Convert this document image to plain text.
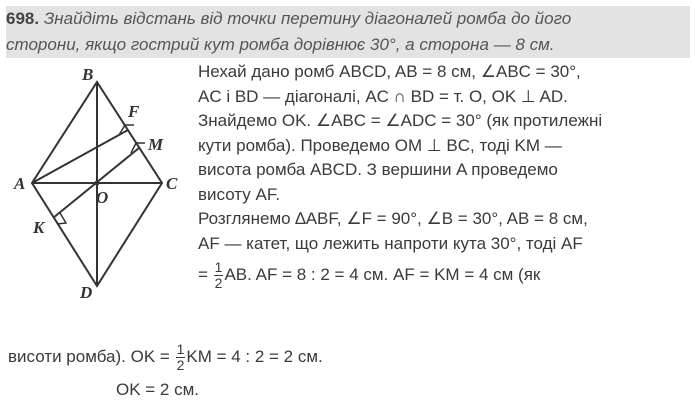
698. Знайдіть відстань від точки перетину діагоналей ромба до його
сторони, якщо гострий кут ромба дорівнює 30°, а сторона — 8 см.
B
F
M
A
O
C
K
D
Нехай дано ромб ABCD, AB = 8 см, ∠ABC = 30°,
AC і BD — діагоналі, AC ∩ BD = т. O, OK ⊥ AD.
Знайдемо OK. ∠ABC = ∠ADC = 30° (як протилежні
кути ромба). Проведемо OM ⊥ BC, тоді KM —
висота ромба ABCD. З вершини A проведемо
висоту AF.
Розглянемо ∆ABF, ∠F = 90°, ∠B = 30°, AB = 8 см,
AF — катет, що лежить напроти кута 30°, тоді AF
= $\frac{1}{2}$ AB. AF = 8 : 2 = 4 см. AF = KM = 4 см (як
висоти ромба). OK = $\frac{1}{2}$ KM = 4 : 2 = 2 см.
OK = 2 см.
